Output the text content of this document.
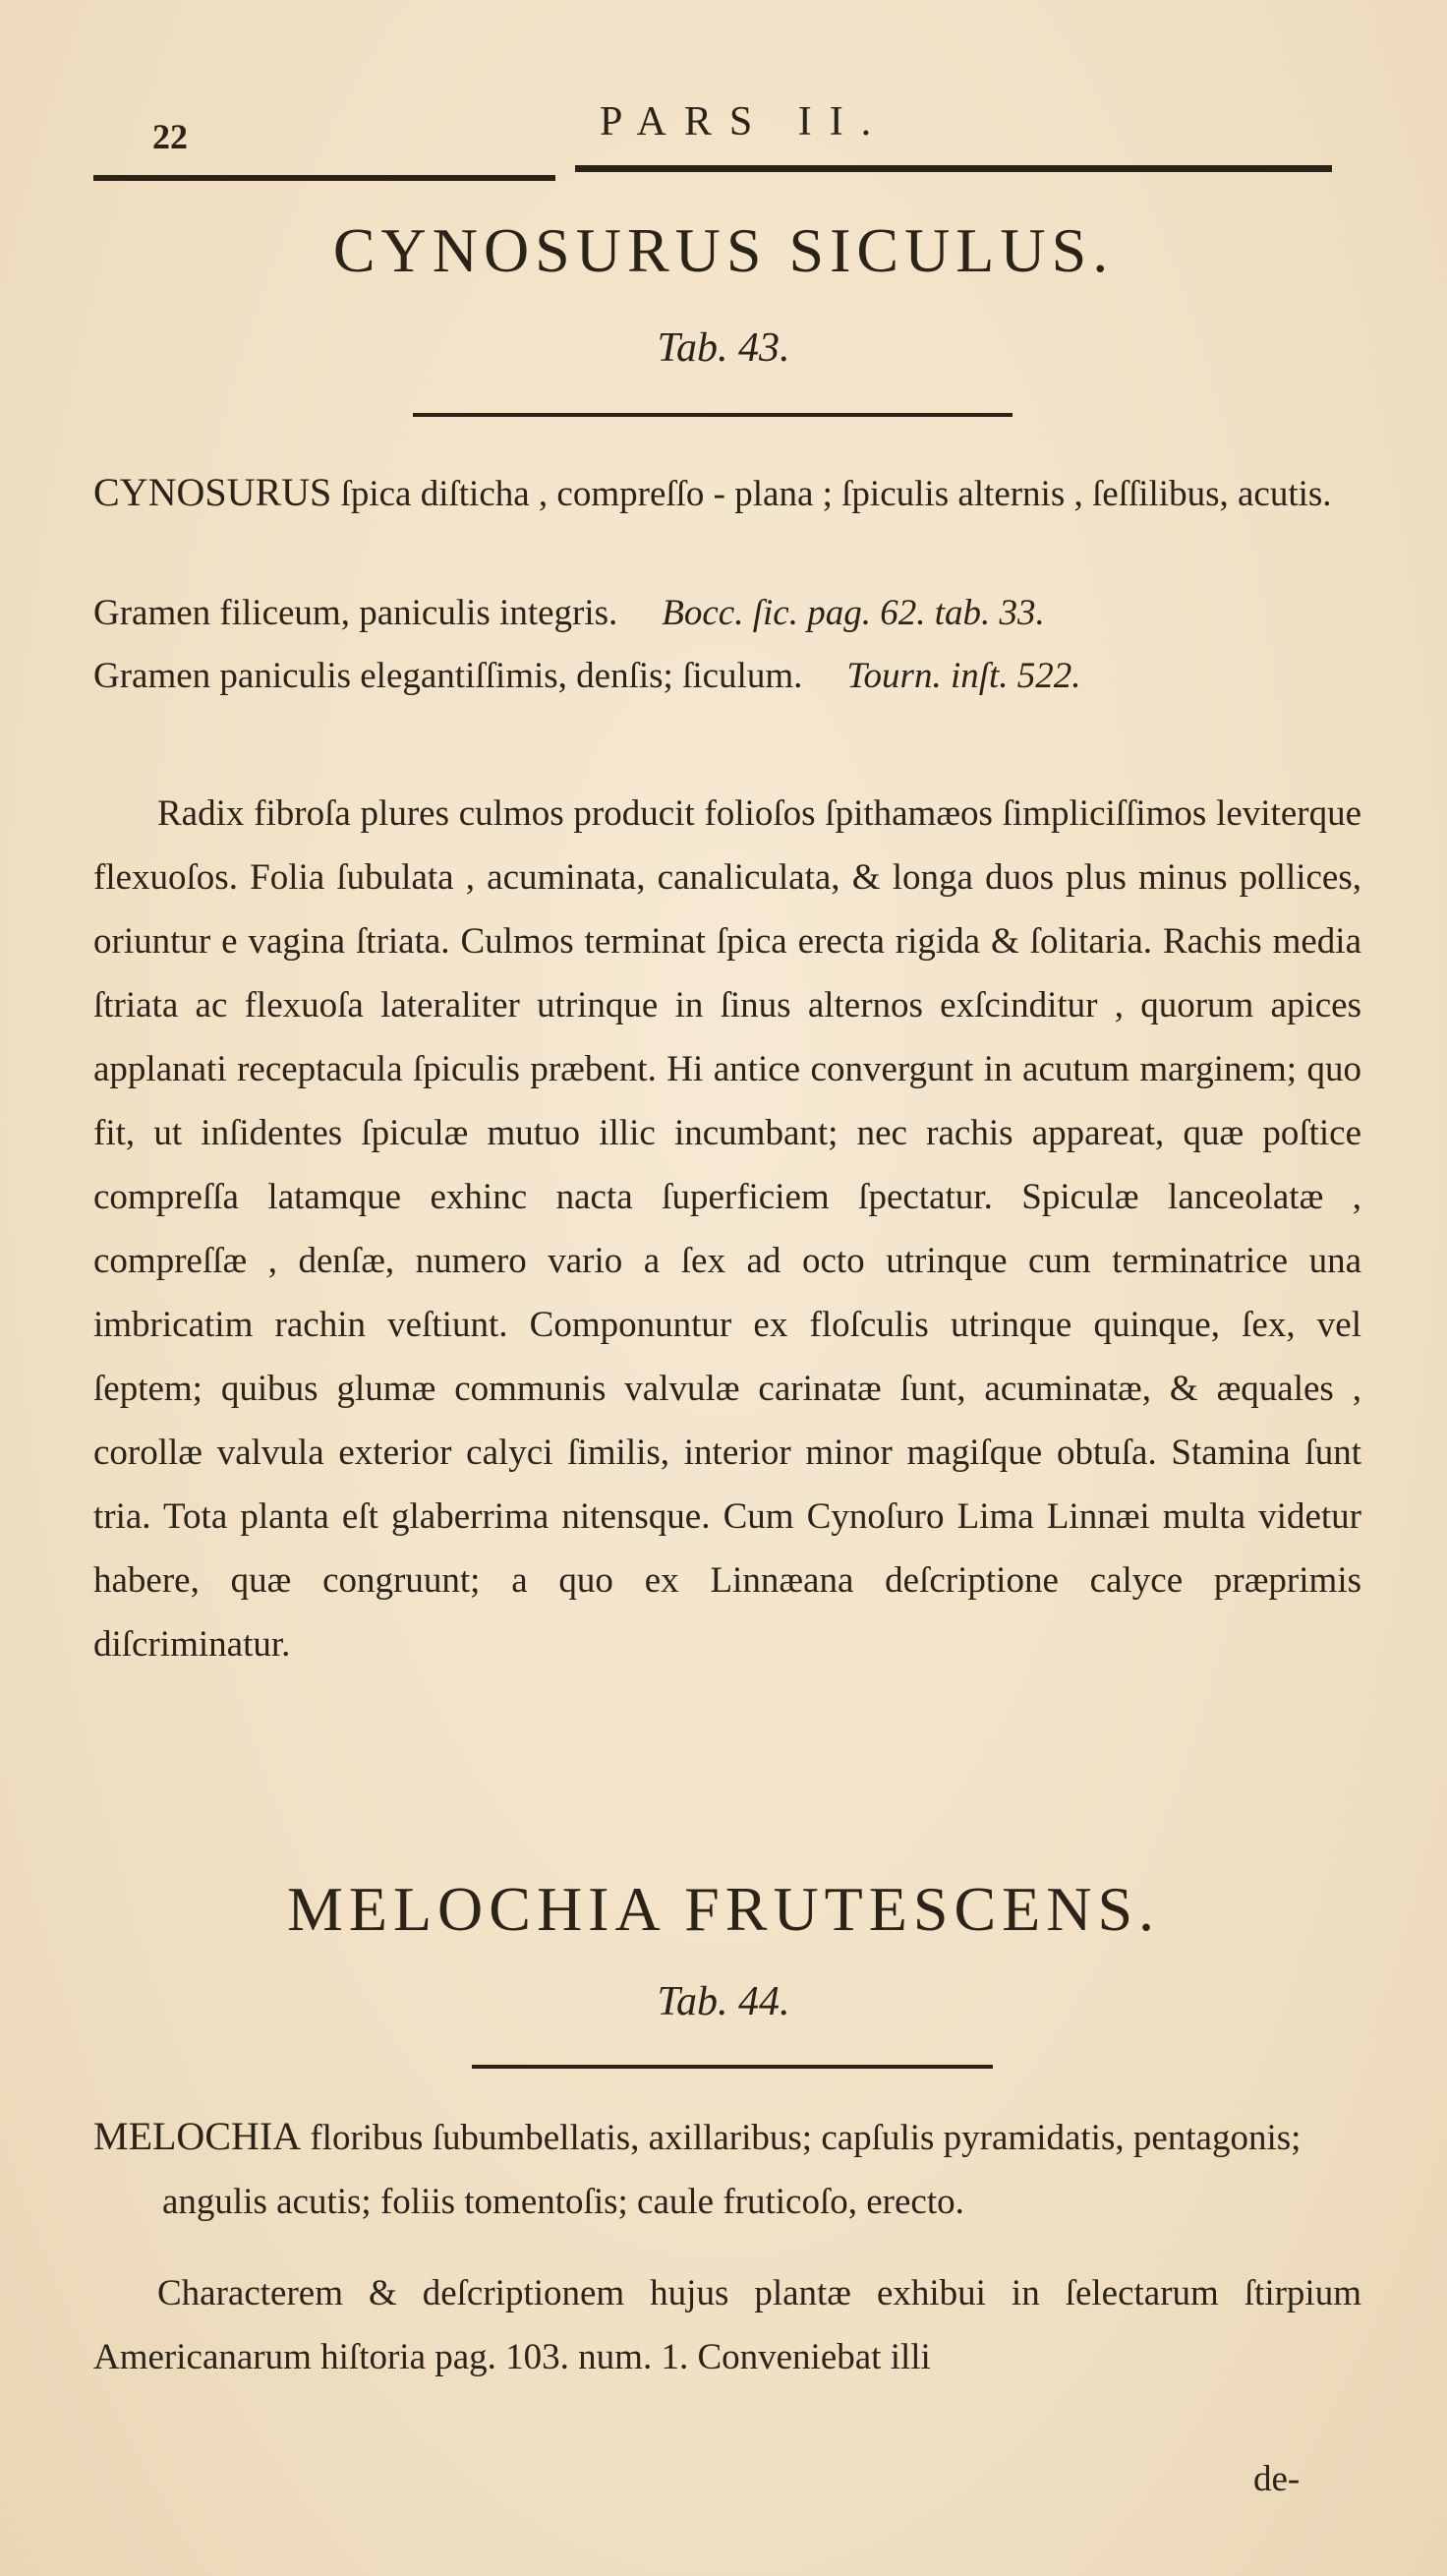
22	PARS II.
CYNOSURUS SICULUS.
Tab. 43.

CYNOSURUS ſpica diſticha , compreſſo - plana ; ſpiculis alternis , ſeſſilibus, acutis.

Gramen filiceum, paniculis integris. Bocc. ſic. pag. 62. tab. 33.
Gramen paniculis elegantiſſimis, denſis; ſiculum. Tourn. inſt. 522.

Radix fibroſa plures culmos producit folioſos ſpithamæos ſimpliciſſimos leviterque flexuoſos. Folia ſubulata , acuminata, canaliculata, & longa duos plus minus pollices, oriuntur e vagina ſtriata. Culmos terminat ſpica erecta rigida & ſolitaria. Rachis media ſtriata ac flexuoſa lateraliter utrinque in ſinus alternos exſcinditur , quorum apices applanati receptacula ſpiculis præbent. Hi antice convergunt in acutum marginem; quo fit, ut inſidentes ſpiculæ mutuo illic incumbant; nec rachis appareat, quæ poſtice compreſſa latamque exhinc nacta ſuperficiem ſpectatur. Spiculæ lanceolatæ , compreſſæ , denſæ, numero vario a ſex ad octo utrinque cum terminatrice una imbricatim rachin veſtiunt. Componuntur ex floſculis utrinque quinque, ſex, vel ſeptem; quibus glumæ communis valvulæ carinatæ ſunt, acuminatæ, & æquales , corollæ valvula exterior calyci ſimilis, interior minor magiſque obtuſa. Stamina ſunt tria. Tota planta eſt glaberrima nitensque. Cum Cynoſuro Lima Linnæi multa videtur habere, quæ congruunt; a quo ex Linnæana deſcriptione calyce præprimis diſcriminatur.

MELOCHIA FRUTESCENS.
Tab. 44.

MELOCHIA floribus ſubumbellatis, axillaribus; capſulis pyramidatis, pentagonis; angulis acutis; foliis tomentoſis; caule fruticoſo, erecto.

Characterem & deſcriptionem hujus plantæ exhibui in ſelectarum ſtirpium Americanarum hiſtoria pag. 103. num. 1. Conveniebat illi

de-
